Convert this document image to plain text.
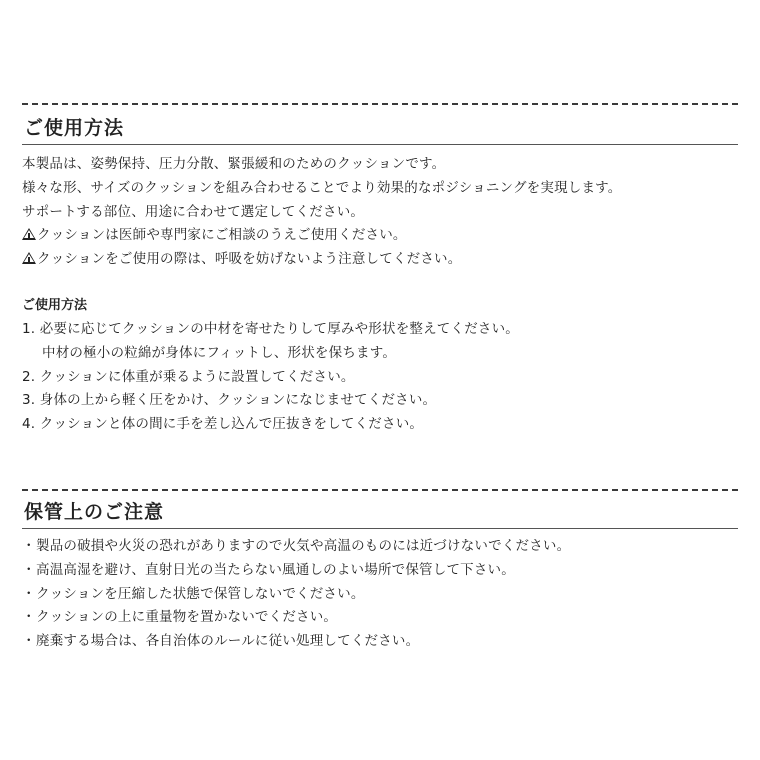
ご使用方法
本製品は、姿勢保持、圧力分散、緊張緩和のためのクッションです。
様々な形、サイズのクッションを組み合わせることでより効果的なポジショニングを実現します。
サポートする部位、用途に合わせて選定してください。
クッションは医師や専門家にご相談のうえご使用ください。
クッションをご使用の際は、呼吸を妨げないよう注意してください。
ご使用方法
1. 必要に応じてクッションの中材を寄せたりして厚みや形状を整えてください。
中材の極小の粒綿が身体にフィットし、形状を保ちます。
2. クッションに体重が乗るように設置してください。
3. 身体の上から軽く圧をかけ、クッションになじませてください。
4. クッションと体の間に手を差し込んで圧抜きをしてください。
保管上のご注意
・製品の破損や火災の恐れがありますので火気や高温のものには近づけないでください。
・高温高湿を避け、直射日光の当たらない風通しのよい場所で保管して下さい。
・クッションを圧縮した状態で保管しないでください。
・クッションの上に重量物を置かないでください。
・廃棄する場合は、各自治体のルールに従い処理してください。
